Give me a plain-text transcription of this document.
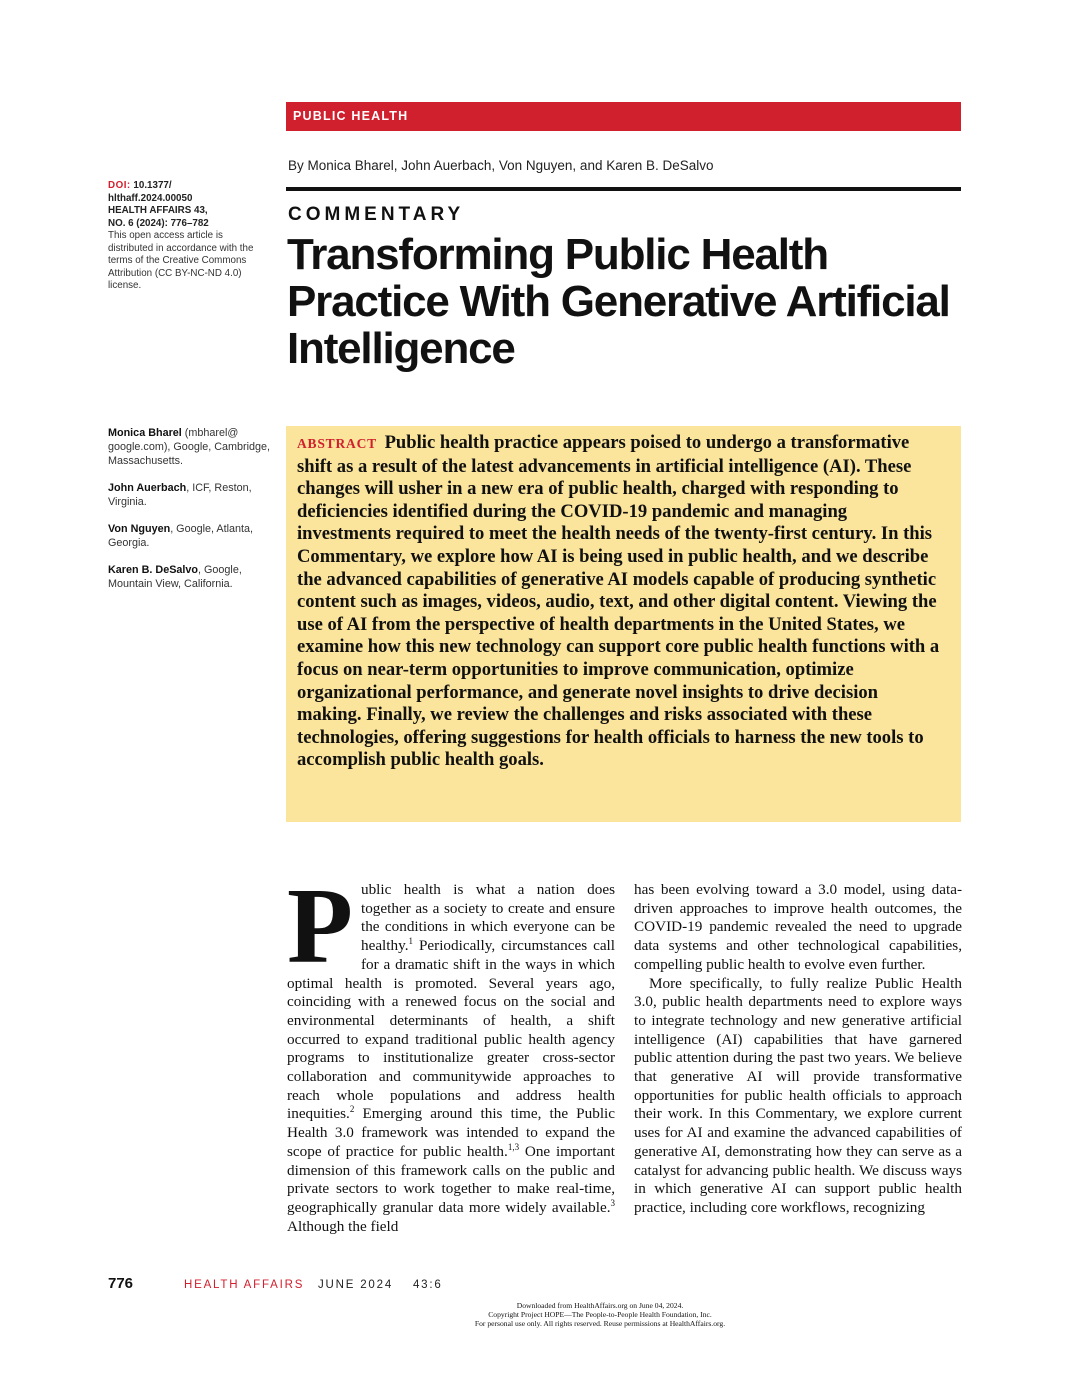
PUBLIC HEALTH
By Monica Bharel, John Auerbach, Von Nguyen, and Karen B. DeSalvo
DOI: 10.1377/
hlthaff.2024.00050
HEALTH AFFAIRS 43,
NO. 6 (2024): 776–782
This open access article is distributed in accordance with the terms of the Creative Commons Attribution (CC BY-NC-ND 4.0) license.
COMMENTARY
Transforming Public Health Practice With Generative Artificial Intelligence

Monica Bharel (mbharel@ google.com), Google, Cambridge, Massachusetts.

John Auerbach, ICF, Reston, Virginia.

Von Nguyen, Google, Atlanta, Georgia.

Karen B. DeSalvo, Google, Mountain View, California.

ABSTRACT Public health practice appears poised to undergo a transformative shift as a result of the latest advancements in artificial intelligence (AI). These changes will usher in a new era of public health, charged with responding to deficiencies identified during the COVID-19 pandemic and managing investments required to meet the health needs of the twenty-first century. In this Commentary, we explore how AI is being used in public health, and we describe the advanced capabilities of generative AI models capable of producing synthetic content such as images, videos, audio, text, and other digital content. Viewing the use of AI from the perspective of health departments in the United States, we examine how this new technology can support core public health functions with a focus on near-term opportunities to improve communication, optimize organizational performance, and generate novel insights to drive decision making. Finally, we review the challenges and risks associated with these technologies, offering suggestions for health officials to harness the new tools to accomplish public health goals.

Public health is what a nation does together as a society to create and ensure the conditions in which everyone can be healthy.$^1$ Periodically, circumstances call for a dramatic shift in the ways in which optimal health is promoted. Several years ago, coinciding with a renewed focus on the social and environmental determinants of health, a shift occurred to expand traditional public health agency programs to institutionalize greater cross-sector collaboration and communitywide approaches to reach whole populations and address health inequities.$^2$ Emerging around this time, the Public Health 3.0 framework was intended to expand the scope of practice for public health.$^{1,3}$ One important dimension of this framework calls on the public and private sectors to work together to make real-time, geographically granular data more widely available.$^3$ Although the field

has been evolving toward a 3.0 model, using data-driven approaches to improve health outcomes, the COVID-19 pandemic revealed the need to upgrade data systems and other technological capabilities, compelling public health to evolve even further.

More specifically, to fully realize Public Health 3.0, public health departments need to explore ways to integrate technology and new generative artificial intelligence (AI) capabilities that have garnered public attention during the past two years. We believe that generative AI will provide transformative opportunities for public health officials to approach their work. In this Commentary, we explore current uses for AI and examine the advanced capabilities of generative AI, demonstrating how they can serve as a catalyst for advancing public health. We discuss ways in which generative AI can support public health practice, including core workflows, recognizing

776	HEALTH AFFAIRS JUNE 2024    43:6
Downloaded from HealthAffairs.org on June 04, 2024.
Copyright Project HOPE—The People-to-People Health Foundation, Inc.
For personal use only. All rights reserved. Reuse permissions at HealthAffairs.org.
